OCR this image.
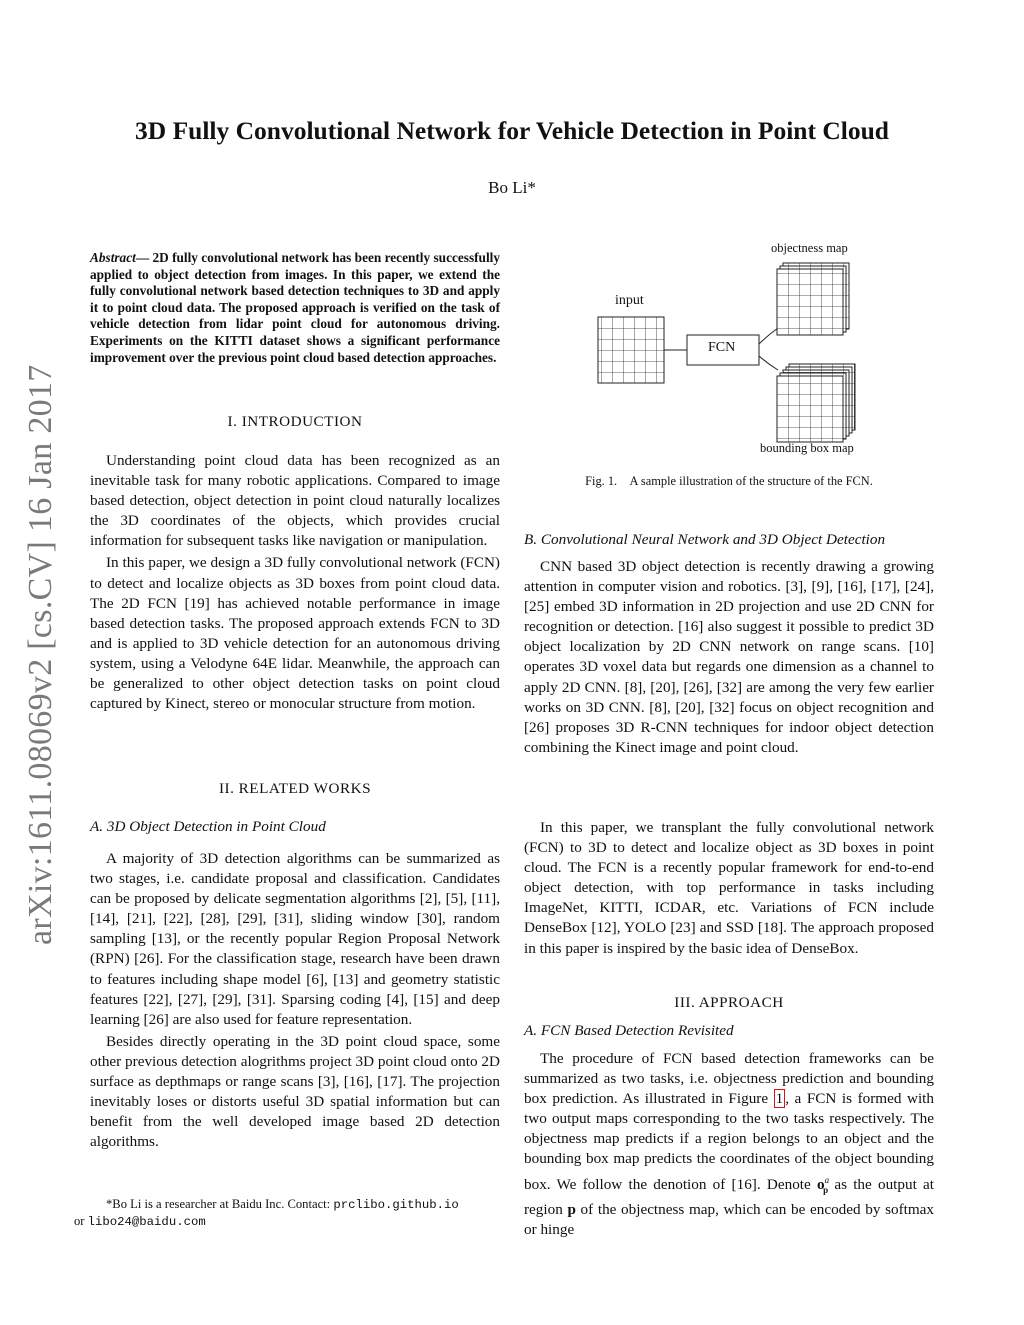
3D Fully Convolutional Network for Vehicle Detection in Point Cloud
Bo Li*
arXiv:1611.08069v2 [cs.CV] 16 Jan 2017
Abstract— 2D fully convolutional network has been recently successfully applied to object detection from images. In this paper, we extend the fully convolutional network based detection techniques to 3D and apply it to point cloud data. The proposed approach is verified on the task of vehicle detection from lidar point cloud for autonomous driving. Experiments on the KITTI dataset shows a significant performance improvement over the previous point cloud based detection approaches.
I. INTRODUCTION

Understanding point cloud data has been recognized as an inevitable task for many robotic applications. Compared to image based detection, object detection in point cloud naturally localizes the 3D coordinates of the objects, which provides crucial information for subsequent tasks like navigation or manipulation.

In this paper, we design a 3D fully convolutional network (FCN) to detect and localize objects as 3D boxes from point cloud data. The 2D FCN [19] has achieved notable performance in image based detection tasks. The proposed approach extends FCN to 3D and is applied to 3D vehicle detection for an autonomous driving system, using a Velodyne 64E lidar. Meanwhile, the approach can be generalized to other object detection tasks on point cloud captured by Kinect, stereo or monocular structure from motion.

II. RELATED WORKS
A. 3D Object Detection in Point Cloud

A majority of 3D detection algorithms can be summarized as two stages, i.e. candidate proposal and classification. Candidates can be proposed by delicate segmentation algorithms [2], [5], [11], [14], [21], [22], [28], [29], [31], sliding window [30], random sampling [13], or the recently popular Region Proposal Network (RPN) [26]. For the classification stage, research have been drawn to features including shape model [6], [13] and geometry statistic features [22], [27], [29], [31]. Sparsing coding [4], [15] and deep learning [26] are also used for feature representation.

Besides directly operating in the 3D point cloud space, some other previous detection alogrithms project 3D point cloud onto 2D surface as depthmaps or range scans [3], [16], [17]. The projection inevitably loses or distorts useful 3D spatial information but can benefit from the well developed image based 2D detection algorithms.

*Bo Li is a researcher at Baidu Inc. Contact: prclibo.github.io
or libo24@baidu.com

input
FCN
objectness map
bounding box map
Fig. 1. A sample illustration of the structure of the FCN.
B. Convolutional Neural Network and 3D Object Detection

CNN based 3D object detection is recently drawing a growing attention in computer vision and robotics. [3], [9], [16], [17], [24], [25] embed 3D information in 2D projection and use 2D CNN for recognition or detection. [16] also suggest it possible to predict 3D object localization by 2D CNN network on range scans. [10] operates 3D voxel data but regards one dimension as a channel to apply 2D CNN. [8], [20], [26], [32] are among the very few earlier works on 3D CNN. [8], [20], [32] focus on object recognition and [26] proposes 3D R-CNN techniques for indoor object detection combining the Kinect image and point cloud.

In this paper, we transplant the fully convolutional network (FCN) to 3D to detect and localize object as 3D boxes in point cloud. The FCN is a recently popular framework for end-to-end object detection, with top performance in tasks including ImageNet, KITTI, ICDAR, etc. Variations of FCN include DenseBox [12], YOLO [23] and SSD [18]. The approach proposed in this paper is inspired by the basic idea of DenseBox.

III. APPROACH
A. FCN Based Detection Revisited

The procedure of FCN based detection frameworks can be summarized as two tasks, i.e. objectness prediction and bounding box prediction. As illustrated in Figure 1 , a FCN is formed with two output maps corresponding to the two tasks respectively. The objectness map predicts if a region belongs to an object and the bounding box map predicts the coordinates of the object bounding box. We follow the denotion of [16]. Denote $o^a_p$ as the output at region p of the objectness map, which can be encoded by softmax or hinge
